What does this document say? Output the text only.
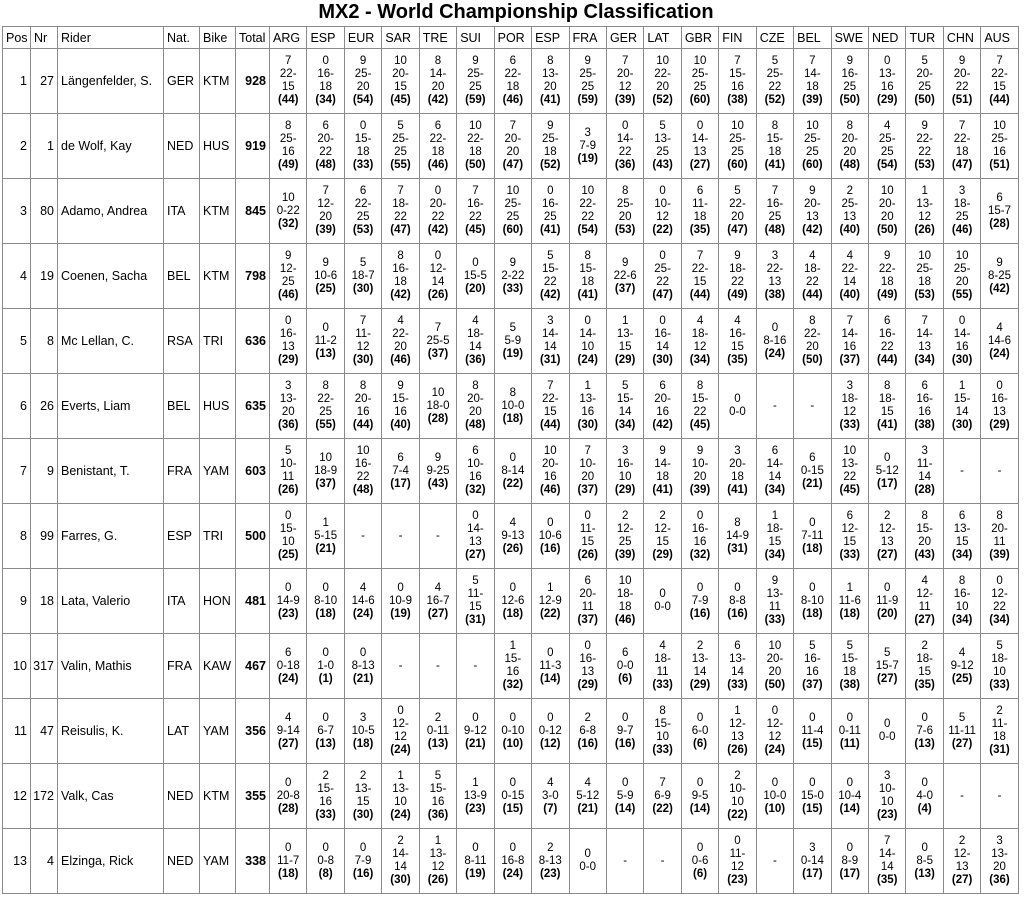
MX2 - World Championship Classification
Pos	Nr	Rider	Nat.	Bike	Total	ARG	ESP	EUR	SAR	TRE	SUI	POR	ESP	FRA	GER	LAT	GBR	FIN	CZE	BEL	SWE	NED	TUR	CHN	AUS
1	27	Längenfelder, S.	GER	KTM	928	7
22-
15
(44)	0
16-
18
(34)	9
25-
20
(54)	10
20-
15
(45)	8
14-
20
(42)	9
25-
25
(59)	6
22-
18
(46)	8
13-
20
(41)	9
25-
25
(59)	7
20-
12
(39)	10
22-
20
(52)	10
25-
25
(60)	7
15-
16
(38)	5
25-
22
(52)	7
14-
18
(39)	9
16-
25
(50)	0
13-
16
(29)	5
20-
25
(50)	9
20-
22
(51)	7
22-
15
(44)

2	1	de Wolf, Kay	NED	HUS	919	8
25-
16
(49)	6
20-
22
(48)	0
15-
18
(33)	5
25-
25
(55)	6
22-
18
(46)	10
22-
18
(50)	7
20-
20
(47)	9
25-
18
(52)	3
7-9
(19)	0
14-
22
(36)	5
13-
25
(43)	0
14-
13
(27)	10
25-
25
(60)	8
15-
18
(41)	10
25-
25
(60)	8
20-
20
(48)	4
25-
25
(54)	9
22-
22
(53)	7
22-
18
(47)	10
25-
16
(51)

3	80	Adamo, Andrea	ITA	KTM	845	10
0-22
(32)	7
12-
20
(39)	6
22-
25
(53)	7
18-
22
(47)	0
20-
22
(42)	7
16-
22
(45)	10
25-
25
(60)	0
16-
25
(41)	10
22-
22
(54)	8
25-
20
(53)	0
10-
12
(22)	6
11-
18
(35)	5
22-
20
(47)	7
16-
25
(48)	9
20-
13
(42)	2
25-
13
(40)	10
20-
20
(50)	1
13-
12
(26)	3
18-
25
(46)	6
15-7
(28)

4	19	Coenen, Sacha	BEL	KTM	798	9
12-
25
(46)	9
10-6
(25)	5
18-7
(30)	8
16-
18
(42)	0
12-
14
(26)	0
15-5
(20)	9
2-22
(33)	5
15-
22
(42)	8
15-
18
(41)	9
22-6
(37)	0
25-
22
(47)	7
22-
15
(44)	9
18-
22
(49)	3
22-
13
(38)	4
18-
22
(44)	4
22-
14
(40)	9
22-
18
(49)	10
25-
18
(53)	10
25-
20
(55)	9
8-25
(42)

5	8	Mc Lellan, C.	RSA	TRI	636	0
16-
13
(29)	0
11-2
(13)	7
11-
12
(30)	4
22-
20
(46)	7
25-5
(37)	4
18-
14
(36)	5
5-9
(19)	3
14-
14
(31)	0
14-
10
(24)	1
13-
15
(29)	0
16-
14
(30)	4
18-
12
(34)	4
16-
15
(35)	0
8-16
(24)	8
22-
20
(50)	7
14-
16
(37)	6
16-
22
(44)	7
14-
13
(34)	0
14-
16
(30)	4
14-6
(24)

6	26	Everts, Liam	BEL	HUS	635	3
13-
20
(36)	8
22-
25
(55)	8
20-
16
(44)	9
15-
16
(40)	10
18-0
(28)	8
20-
20
(48)	8
10-0
(18)	7
22-
15
(44)	1
13-
16
(30)	5
15-
14
(34)	6
20-
16
(42)	8
15-
22
(45)	0
0-0	-	-	3
18-
12
(33)	8
18-
15
(41)	6
16-
16
(38)	1
15-
14
(30)	0
16-
13
(29)

7	9	Benistant, T.	FRA	YAM	603	5
10-
11
(26)	10
18-9
(37)	10
16-
22
(48)	6
7-4
(17)	9
9-25
(43)	6
10-
16
(32)	0
8-14
(22)	10
20-
16
(46)	7
10-
20
(37)	3
16-
10
(29)	9
14-
18
(41)	9
10-
20
(39)	3
20-
18
(41)	6
14-
14
(34)	6
0-15
(21)	10
13-
22
(45)	0
5-12
(17)	3
11-
14
(28)	-	-

8	99	Farres, G.	ESP	TRI	500	0
15-
10
(25)	1
5-15
(21)	-	-	-	0
14-
13
(27)	4
9-13
(26)	0
10-6
(16)	0
11-
15
(26)	2
12-
25
(39)	2
12-
15
(29)	0
16-
16
(32)	8
14-9
(31)	1
18-
15
(34)	0
7-11
(18)	6
12-
15
(33)	2
12-
13
(27)	8
15-
20
(43)	6
13-
15
(34)	8
20-
11
(39)

9	18	Lata, Valerio	ITA	HON	481	0
14-9
(23)	0
8-10
(18)	4
14-6
(24)	0
10-9
(19)	4
16-7
(27)	5
11-
15
(31)	0
12-6
(18)	1
12-9
(22)	6
20-
11
(37)	10
18-
18
(46)	0
0-0	0
7-9
(16)	0
8-8
(16)	9
13-
11
(33)	0
8-10
(18)	1
11-6
(18)	0
11-9
(20)	4
12-
11
(27)	8
16-
10
(34)	0
12-
22
(34)

10	317	Valin, Mathis	FRA	KAW	467	6
0-18
(24)	0
1-0
(1)	0
8-13
(21)	-	-	-	1
15-
16
(32)	0
11-3
(14)	0
16-
13
(29)	6
0-0
(6)	4
18-
11
(33)	2
13-
14
(29)	6
13-
14
(33)	10
20-
20
(50)	5
16-
16
(37)	5
15-
18
(38)	5
15-7
(27)	2
18-
15
(35)	4
9-12
(25)	5
18-
10
(33)

11	47	Reisulis, K.	LAT	YAM	356	4
9-14
(27)	0
6-7
(13)	3
10-5
(18)	0
12-
12
(24)	2
0-11
(13)	0
9-12
(21)	0
0-10
(10)	0
0-12
(12)	2
6-8
(16)	0
9-7
(16)	8
15-
10
(33)	0
6-0
(6)	1
12-
13
(26)	0
12-
12
(24)	0
11-4
(15)	0
0-11
(11)	0
0-0	0
7-6
(13)	5
11-11
(27)	2
11-
18
(31)

12	172	Valk, Cas	NED	KTM	355	0
20-8
(28)	2
15-
16
(33)	2
13-
15
(30)	1
13-
10
(24)	5
15-
16
(36)	1
13-9
(23)	0
0-15
(15)	4
3-0
(7)	4
5-12
(21)	0
5-9
(14)	7
6-9
(22)	0
9-5
(14)	2
10-
10
(22)	0
10-0
(10)	0
15-0
(15)	0
10-4
(14)	3
10-
10
(23)	0
4-0
(4)	-	-

13	4	Elzinga, Rick	NED	YAM	338	0
11-7
(18)	0
0-8
(8)	0
7-9
(16)	2
14-
14
(30)	1
13-
12
(26)	0
8-11
(19)	0
16-8
(24)	2
8-13
(23)	0
0-0	-	-	0
0-6
(6)	0
11-
12
(23)	-	3
0-14
(17)	0
8-9
(17)	7
14-
14
(35)	0
8-5
(13)	2
12-
13
(27)	3
13-
20
(36)
